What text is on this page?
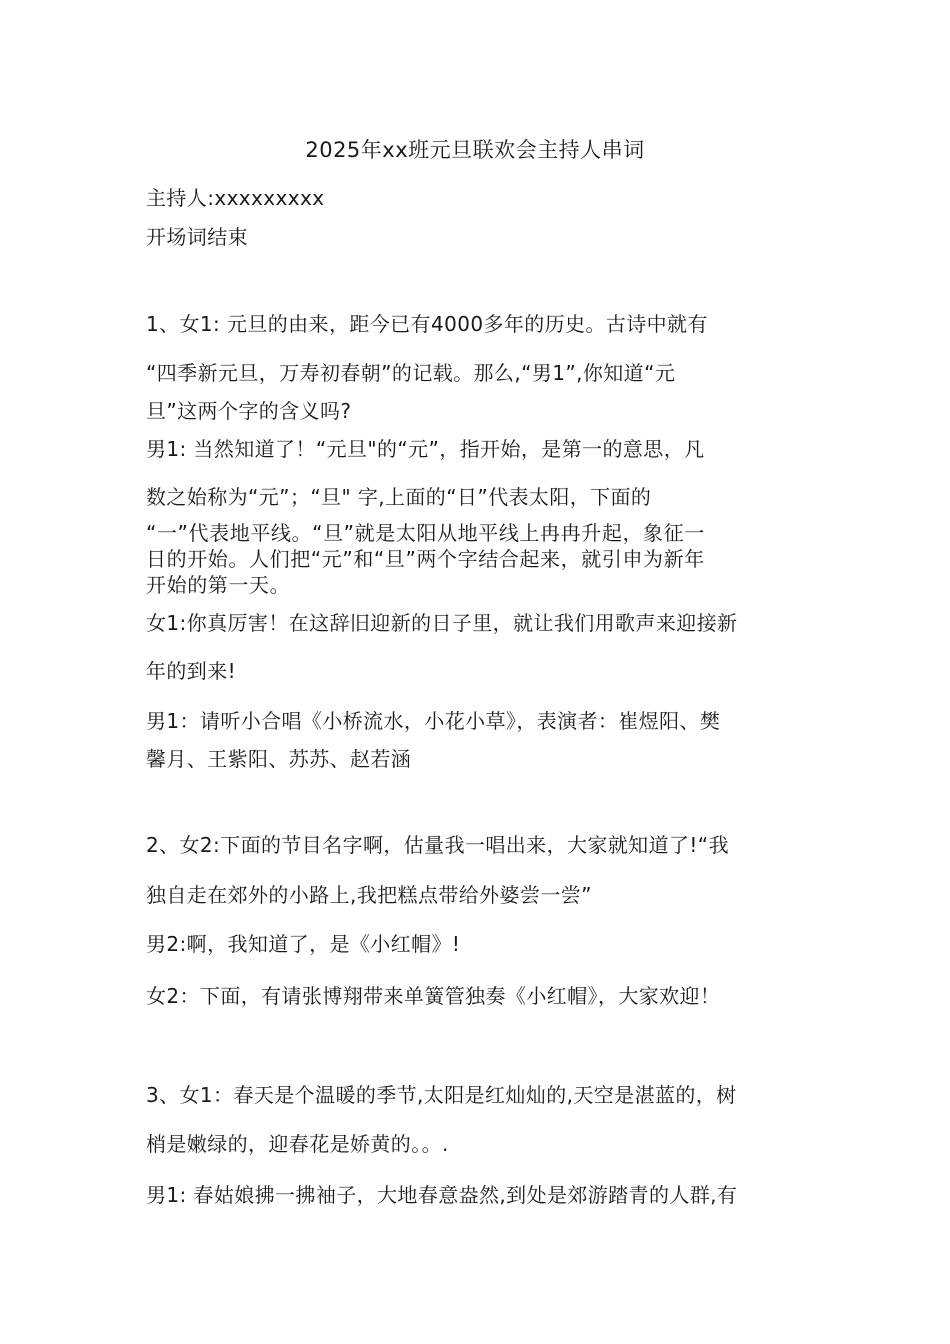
2025年xx班元旦联欢会主持人串词
主持人:xxxxxxxxx
开场词结束
1、女1: 元旦的由来，距今已有4000多年的历史。古诗中就有
“四季新元旦，万寿初春朝”的记载。那么,“男1”,你知道“元
旦”这两个字的含义吗?
男1: 当然知道了！“元旦"的“元”，指开始，是第一的意思，凡
数之始称为“元”；“旦" 字,上面的“日”代表太阳，下面的
“一”代表地平线。“旦”就是太阳从地平线上冉冉升起，象征一
日的开始。人们把“元”和“旦”两个字结合起来，就引申为新年
开始的第一天。
女1:你真厉害！在这辞旧迎新的日子里，就让我们用歌声来迎接新
年的到来!
男1：请听小合唱《小桥流水，小花小草》，表演者：崔煜阳、樊
馨月、王紫阳、苏苏、赵若涵
2、女2:下面的节目名字啊，估量我一唱出来，大家就知道了!“我
独自走在郊外的小路上,我把糕点带给外婆尝一尝”
男2:啊，我知道了，是《小红帽》!
女2：下面，有请张博翔带来单簧管独奏《小红帽》，大家欢迎！
3、女1：春天是个温暖的季节,太阳是红灿灿的,天空是湛蓝的，树
梢是嫩绿的，迎春花是娇黄的。。.
男1: 春姑娘拂一拂袖子，大地春意盎然,到处是郊游踏青的人群,有
